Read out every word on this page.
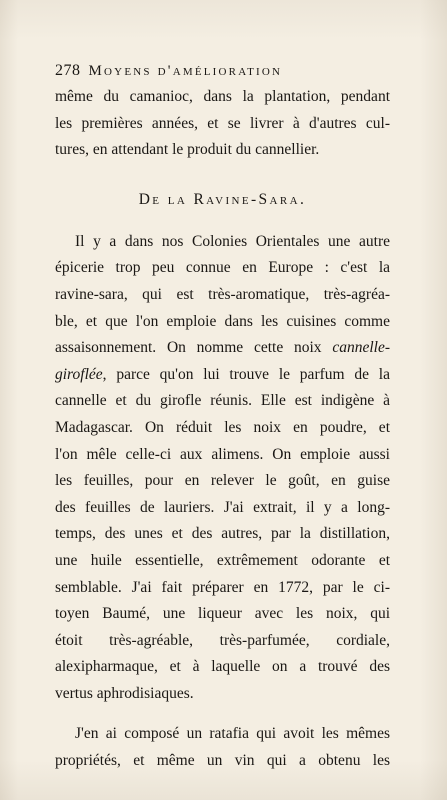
278 Moyens d'amélioration

même du camanioc, dans la plantation, pendant
les premières années, et se livrer à d'autres cul-
tures, en attendant le produit du cannellier.

De la Ravine-Sara.

Il y a dans nos Colonies Orientales une autre
épicerie trop peu connue en Europe : c'est la
ravine-sara, qui est très-aromatique, très-agréa-
ble, et que l'on emploie dans les cuisines comme
assaisonnement. On nomme cette noix cannelle-
giroflée, parce qu'on lui trouve le parfum de la
cannelle et du girofle réunis. Elle est indigène à
Madagascar. On réduit les noix en poudre, et
l'on mêle celle-ci aux alimens. On emploie aussi
les feuilles, pour en relever le goût, en guise
des feuilles de lauriers. J'ai extrait, il y a long-
temps, des unes et des autres, par la distillation,
une huile essentielle, extrêmement odorante et
semblable. J'ai fait préparer en 1772, par le ci-
toyen Baumé, une liqueur avec les noix, qui
étoit très-agréable, très-parfumée, cordiale,
alexipharmaque, et à laquelle on a trouvé des
vertus aphrodisiaques.

J'en ai composé un ratafia qui avoit les mêmes
propriétés, et même un vin qui a obtenu les
